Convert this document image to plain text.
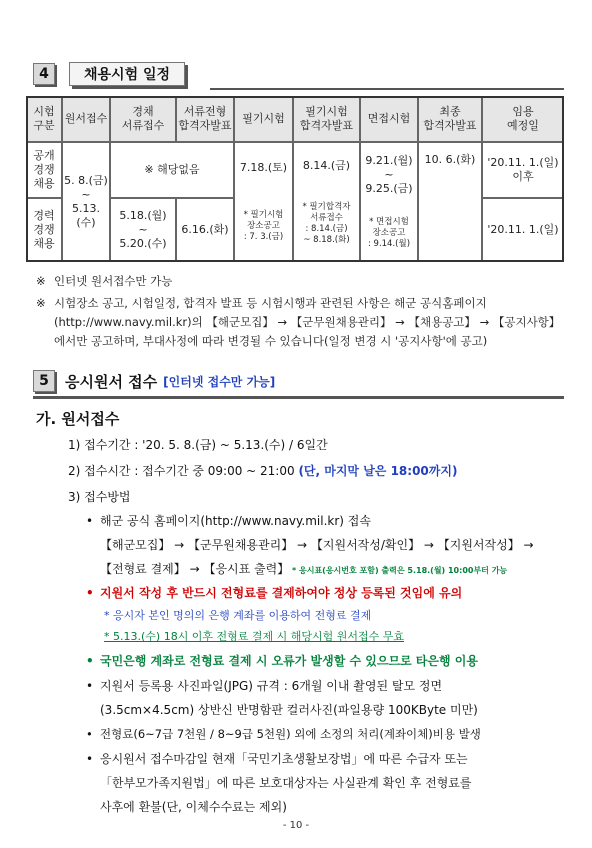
4	채용시험 일정
시험
구분
원서접수
경채
서류접수
서류전형
합격자발표
필기시험
필기시험
합격자발표
면접시험
최종
합격자발표
임용
예정일
공개
경쟁
채용
경력
경쟁
채용
5. 8.(금)
~
5.13.(수)
※ 해당없음
5.18.(월)
~
5.20.(수)
6.16.(화)
7.18.(토)
* 필기시험
장소공고
: 7. 3.(금)
8.14.(금)
* 필기합격자
서류접수
: 8.14.(금)
~ 8.18.(화)
9.21.(월)
~
9.25.(금)
* 면접시험
장소공고
: 9.14.(월)
10. 6.(화) '20.11. 1.(일)
이후
'20.11. 1.(일)
※ 인터넷 원서접수만 가능
※ 시험장소 공고, 시험일정, 합격자 발표 등 시험시행과 관련된 사항은 해군 공식홈페이지
(http://www.navy.mil.kr)의 【해군모집】 → 【군무원채용관리】 → 【채용공고】 → 【공지사항】
에서만 공고하며, 부대사정에 따라 변경될 수 있습니다(일정 변경 시 '공지사항'에 공고)
5	응시원서 접수 [인터넷 접수만 가능]
가. 원서접수
1) 접수기간 : '20. 5. 8.(금) ~ 5.13.(수) / 6일간
2) 접수시간 : 접수기간 중 09:00 ~ 21:00 (단, 마지막 날은 18:00까지)
3) 접수방법
• 해군 공식 홈페이지(http://www.navy.mil.kr) 접속
【해군모집】 → 【군무원채용관리】 → 【지원서작성/확인】 → 【지원서작성】 →
【전형료 결제】 → 【응시표 출력】 * 응시표(응시번호 포함) 출력은 5.18.(월) 10:00부터 가능
• 지원서 작성 후 반드시 전형료를 결제하여야 정상 등록된 것임에 유의
* 응시자 본인 명의의 은행 계좌를 이용하여 전형료 결제
* 5.13.(수) 18시 이후 전형료 결제 시 해당시험 원서접수 무효
• 국민은행 계좌로 전형료 결제 시 오류가 발생할 수 있으므로 타은행 이용
• 지원서 등록용 사진파일(JPG) 규격 : 6개월 이내 촬영된 탈모 정면
(3.5cm×4.5cm) 상반신 반명함판 컬러사진(파일용량 100KByte 미만)
• 전형료(6~7급 7천원 / 8~9급 5천원) 외에 소정의 처리(계좌이체)비용 발생
• 응시원서 접수마감일 현재「국민기초생활보장법」에 따른 수급자 또는
「한부모가족지원법」에 따른 보호대상자는 사실관계 확인 후 전형료를
사후에 환불(단, 이체수수료는 제외)
- 10 -
